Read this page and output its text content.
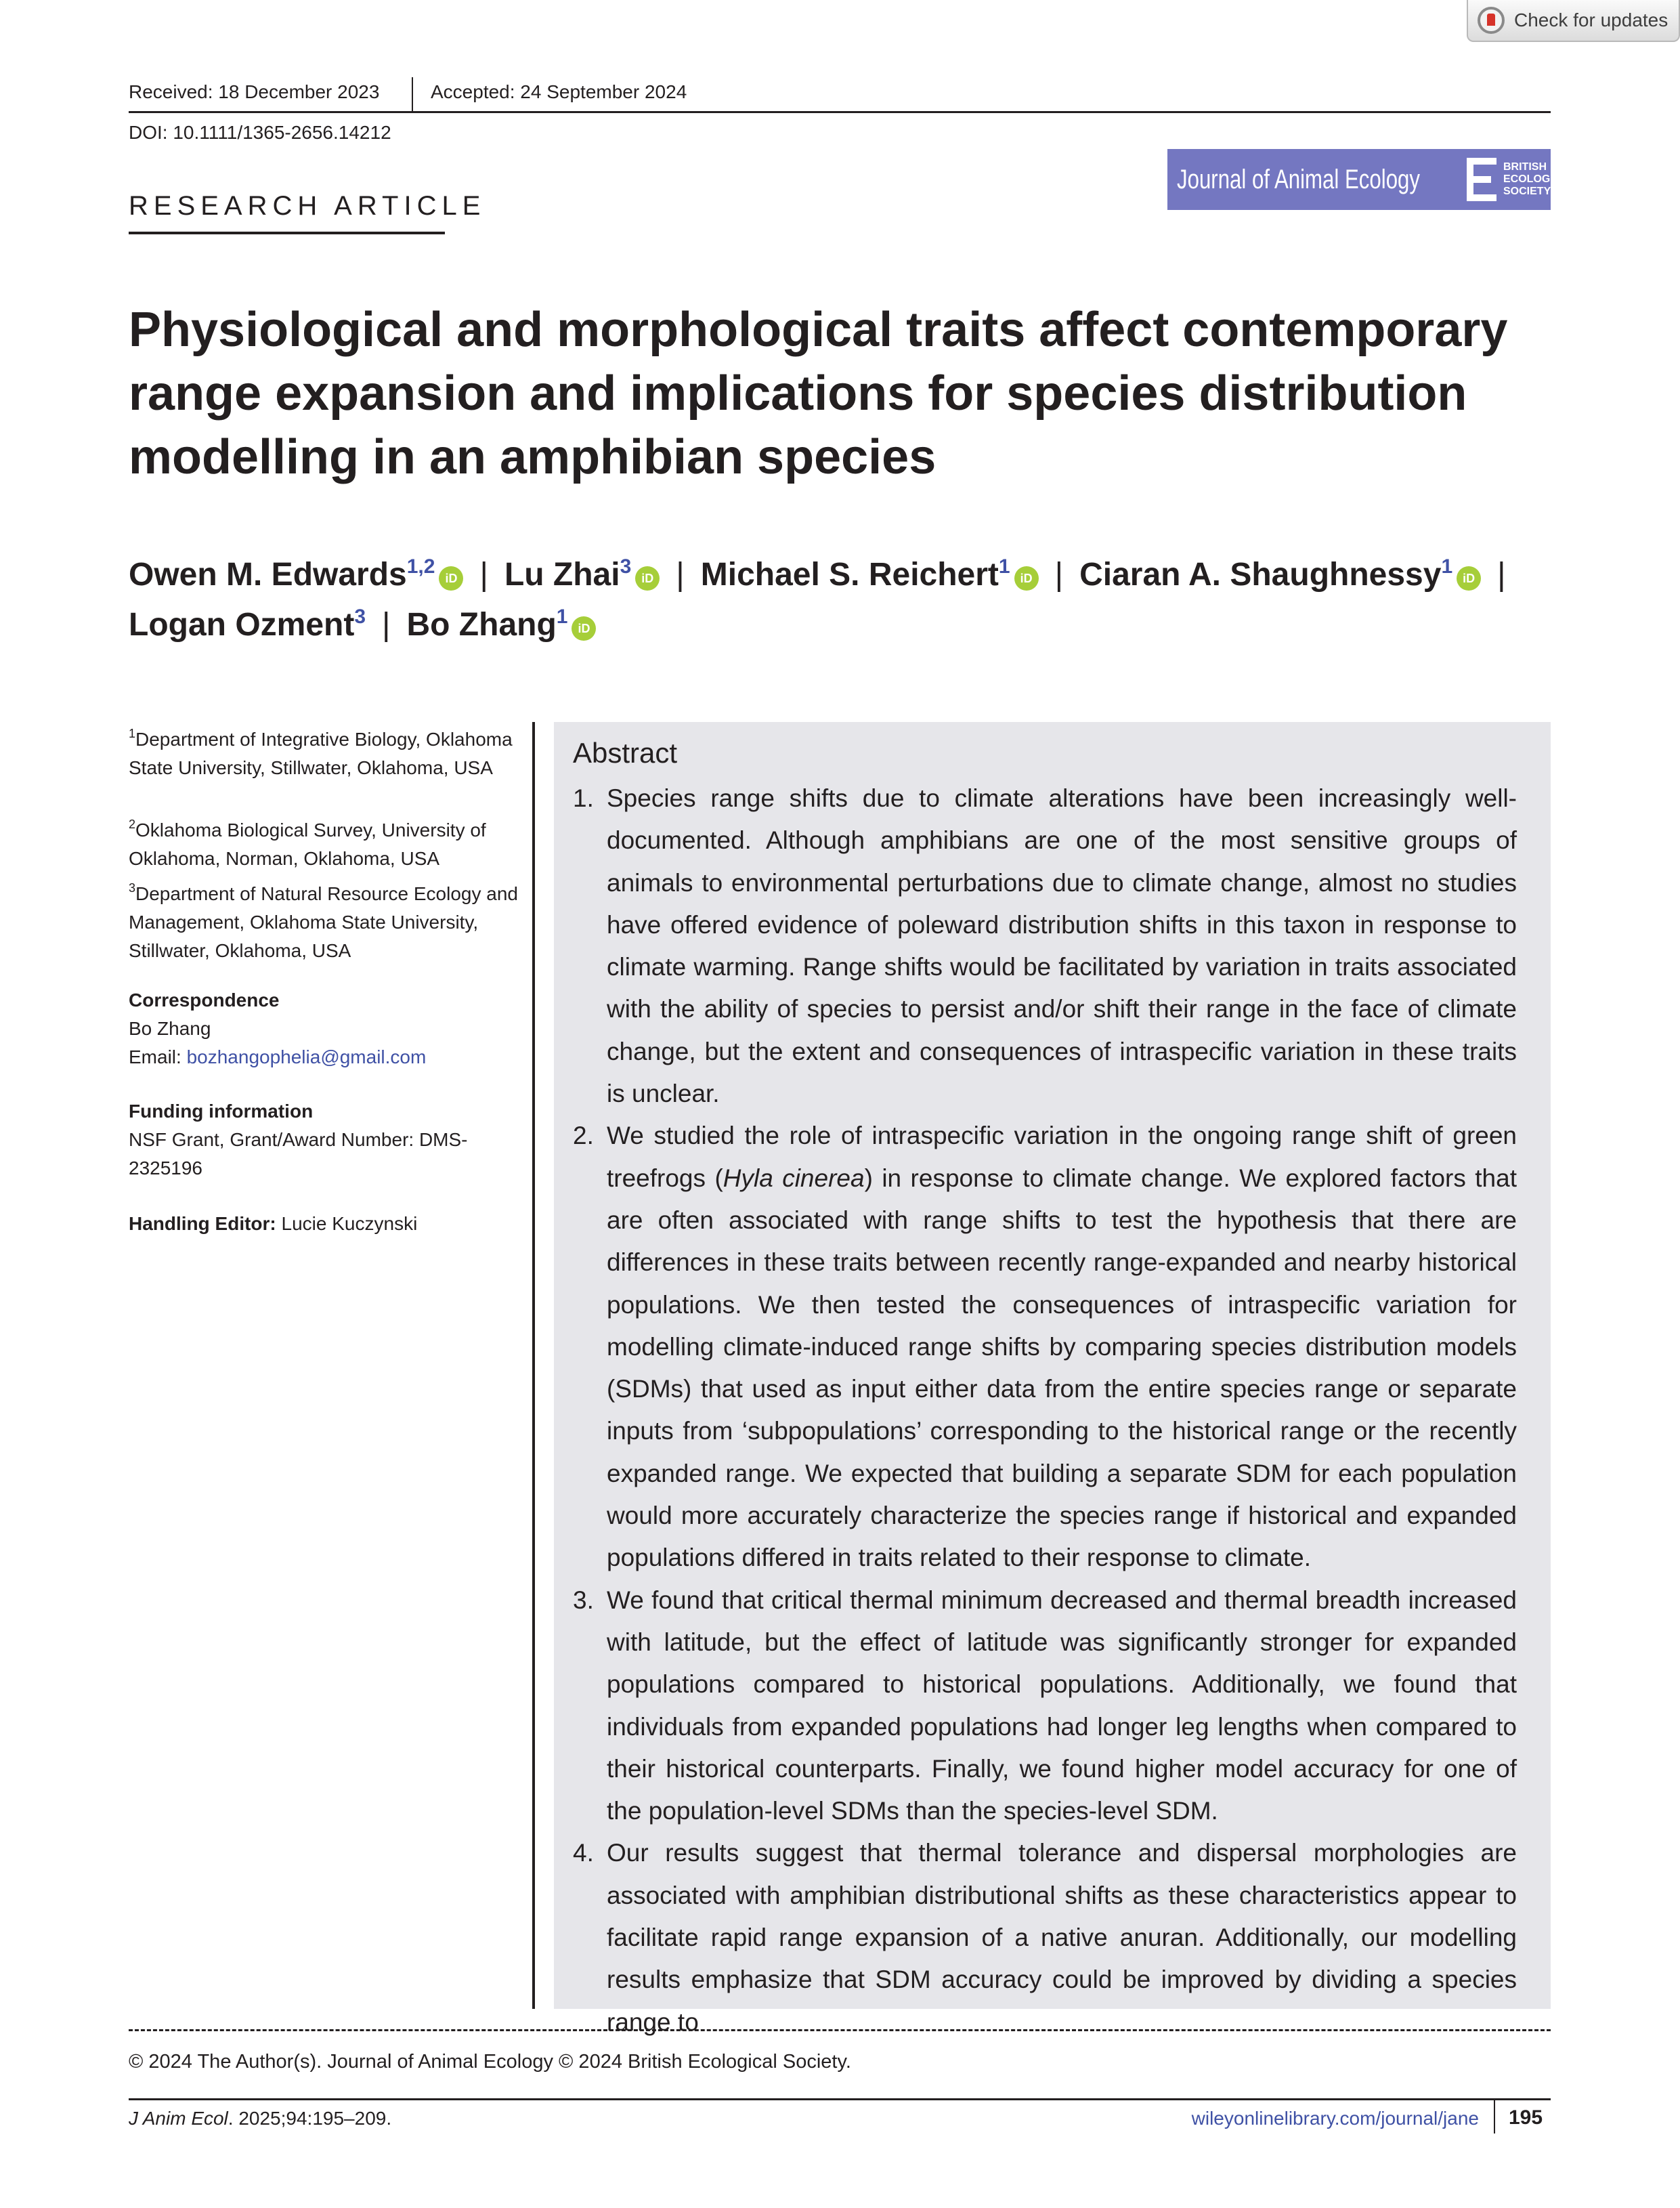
Check for updates
Received: 18 December 2023	Accepted: 24 September 2024
DOI: 10.1111/1365-2656.14212
Journal of Animal Ecology	BRITISH
ECOLOGICAL
SOCIETY
RESEARCH ARTICLE
Physiological and morphological traits affect contemporary range expansion and implications for species distribution modelling in an amphibian species
Owen M. Edwards$^{1,2}$iD | Lu Zhai$^3$iD | Michael S. Reichert$^1$iD | Ciaran A. Shaughnessy$^1$iD |
Logan Ozment$^3$ | Bo Zhang$^1$iD
$^1$Department of Integrative Biology, Oklahoma State University, Stillwater, Oklahoma, USA
$^2$Oklahoma Biological Survey, University of Oklahoma, Norman, Oklahoma, USA
$^3$Department of Natural Resource Ecology and Management, Oklahoma State University, Stillwater, Oklahoma, USA
Correspondence
Bo Zhang
Email: bozhangophelia@gmail.com
Funding information
NSF Grant, Grant/Award Number: DMS-2325196
Handling Editor: Lucie Kuczynski
Abstract
1. Species range shifts due to climate alterations have been increasingly well-documented. Although amphibians are one of the most sensitive groups of animals to environmental perturbations due to climate change, almost no studies have offered evidence of poleward distribution shifts in this taxon in response to climate warming. Range shifts would be facilitated by variation in traits associated with the ability of species to persist and/or shift their range in the face of climate change, but the extent and consequences of intraspecific variation in these traits is unclear.
2. We studied the role of intraspecific variation in the ongoing range shift of green treefrogs (Hyla cinerea) in response to climate change. We explored factors that are often associated with range shifts to test the hypothesis that there are differences in these traits between recently range-expanded and nearby historical populations. We then tested the consequences of intraspecific variation for modelling climate-induced range shifts by comparing species distribution models (SDMs) that used as input either data from the entire species range or separate inputs from ‘subpopulations’ corresponding to the historical range or the recently expanded range. We expected that building a separate SDM for each population would more accurately characterize the species range if historical and expanded populations differed in traits related to their response to climate.
3. We found that critical thermal minimum decreased and thermal breadth increased with latitude, but the effect of latitude was significantly stronger for expanded populations compared to historical populations. Additionally, we found that individuals from expanded populations had longer leg lengths when compared to their historical counterparts. Finally, we found higher model accuracy for one of the population-level SDMs than the species-level SDM.
4. Our results suggest that thermal tolerance and dispersal morphologies are associated with amphibian distributional shifts as these characteristics appear to facilitate rapid range expansion of a native anuran. Additionally, our modelling results emphasize that SDM accuracy could be improved by dividing a species range to
© 2024 The Author(s). Journal of Animal Ecology © 2024 British Ecological Society.
J Anim Ecol. 2025;94:195–209.	wileyonlinelibrary.com/journal/jane 195
